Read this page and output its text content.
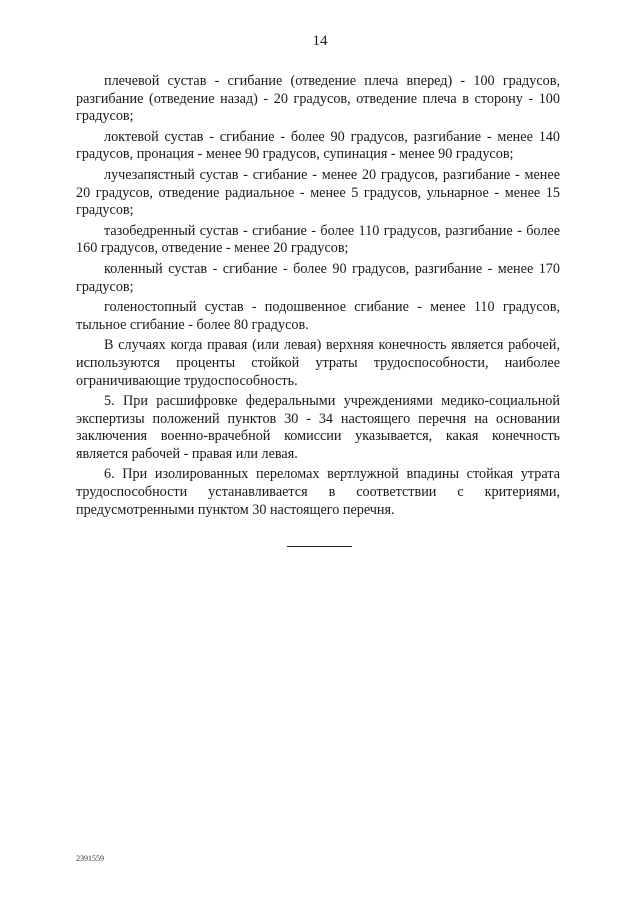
14

плечевой сустав - сгибание (отведение плеча вперед) - 100 градусов, разгибание (отведение назад) - 20 градусов, отведение плеча в сторону - 100 градусов;

локтевой сустав - сгибание - более 90 градусов, разгибание - менее 140 градусов, пронация - менее 90 градусов, супинация - менее 90 градусов;

лучезапястный сустав - сгибание - менее 20 градусов, разгибание - менее 20 градусов, отведение радиальное - менее 5 градусов, ульнарное - менее 15 градусов;

тазобедренный сустав - сгибание - более 110 градусов, разгибание - более 160 градусов, отведение - менее 20 градусов;

коленный сустав - сгибание - более 90 градусов, разгибание - менее 170 градусов;

голеностопный сустав - подошвенное сгибание - менее 110 градусов, тыльное сгибание - более 80 градусов.

В случаях когда правая (или левая) верхняя конечность является рабочей, используются проценты стойкой утраты трудоспособности, наиболее ограничивающие трудоспособность.

5. При расшифровке федеральными учреждениями медико-социальной экспертизы положений пунктов 30 - 34 настоящего перечня на основании заключения военно-врачебной комиссии указывается, какая конечность является рабочей - правая или левая.

6. При изолированных переломах вертлужной впадины стойкая утрата трудоспособности устанавливается в соответствии с критериями, предусмотренными пунктом 30 настоящего перечня.

2391559
